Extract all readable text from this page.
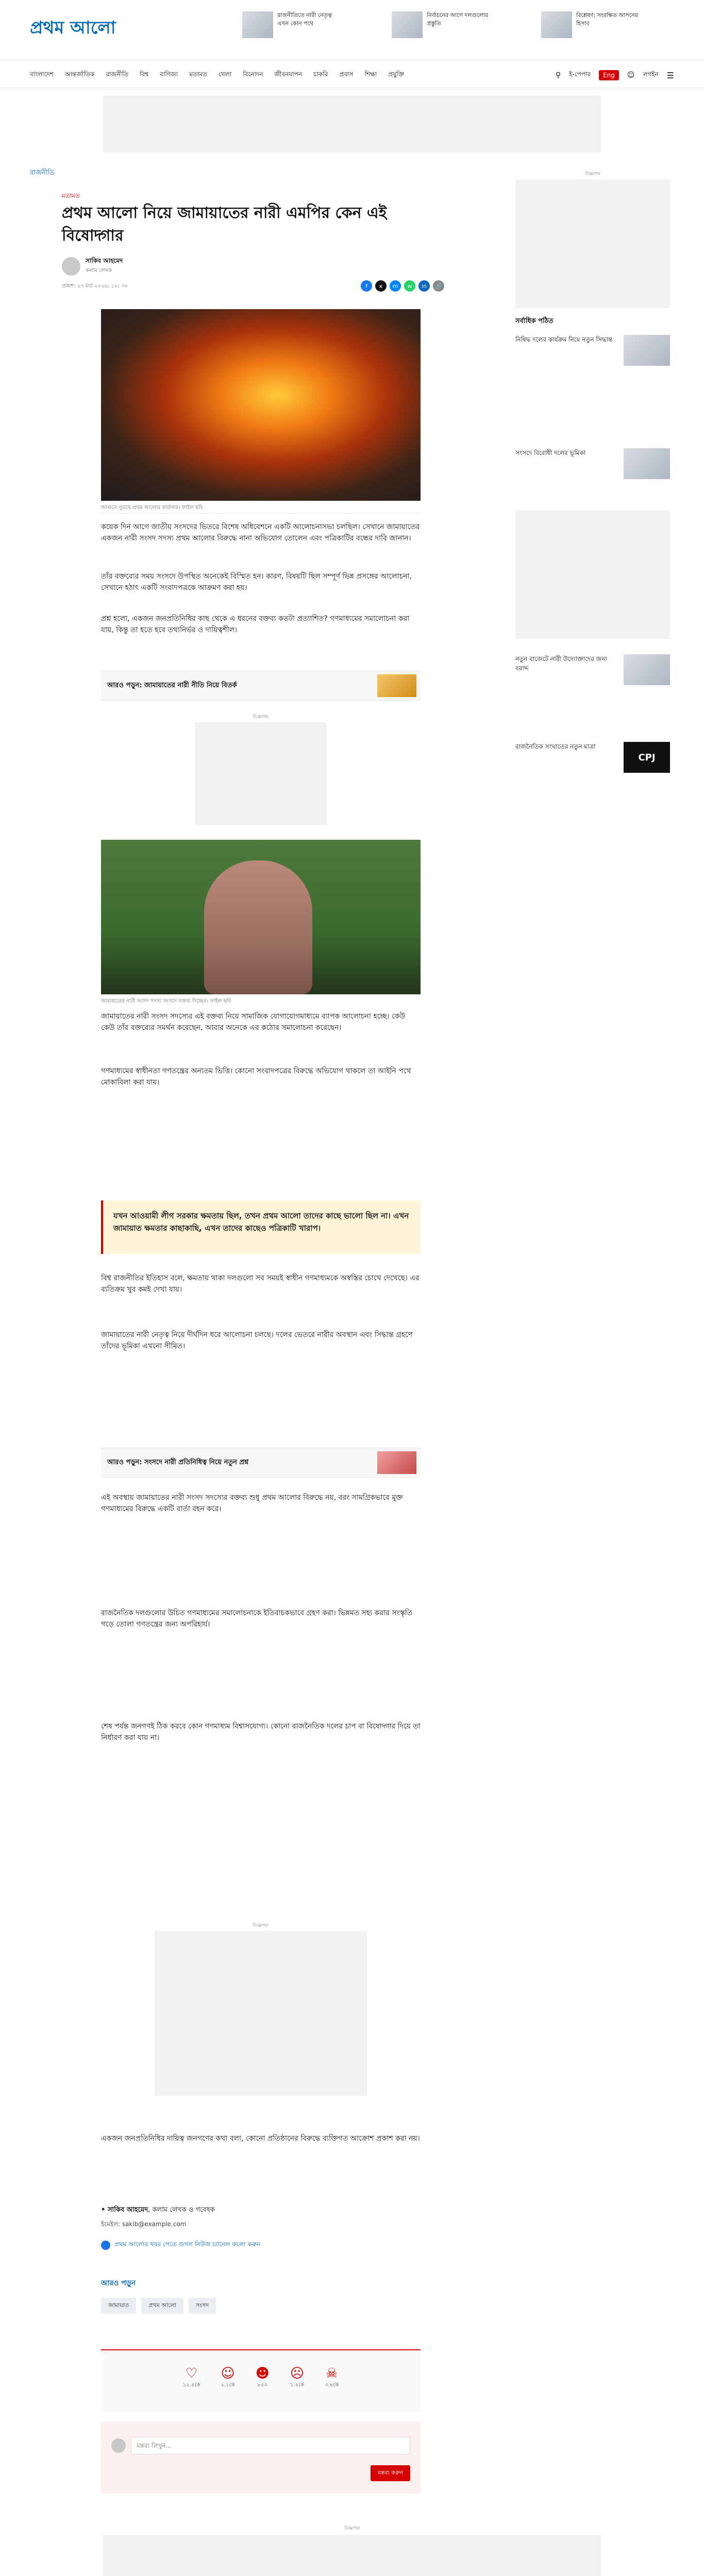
প্রথম আলো
রাজনীতিতে নারী নেতৃত্ব এখন কোন পথে
নির্বাচনের আগে দলগুলোর প্রস্তুতি
বিশ্লেষণ: সংরক্ষিত আসনের হিসাব
বাংলাদেশ আন্তর্জাতিক রাজনীতি বিশ্ব বাণিজ্য মতামত খেলা বিনোদন জীবনযাপন চাকরি প্রবাস শিক্ষা প্রযুক্তি	⚲ ই-পেপার	Eng	☺ লগইন ☰
রাজনীতি
মতামত
প্রথম আলো নিয়ে জামায়াতের নারী এমপির কেন এই বিষোদ্গার
সাকিব আহমেদ
কলাম লেখক
প্রকাশ: ২৩ মার্চ ২০২৬, ১২: ৩০	f	x	m	w	in	🔗
আগুনে পুড়ছে প্রথম আলোর কার্যালয়। ফাইল ছবি
কয়েক দিন আগে জাতীয় সংসদের ভিতরে বিশেষ অধিবেশনে একটি আলোচনাসভা চলছিল। সেখানে জামায়াতের একজন নারী সংসদ সদস্য প্রথম আলোর বিরুদ্ধে নানা অভিযোগ তোলেন এবং পত্রিকাটির বন্ধের দাবি জানান।
তাঁর বক্তব্যের সময় সংসদে উপস্থিত অনেকেই বিস্মিত হন। কারণ, বিষয়টি ছিল সম্পূর্ণ ভিন্ন প্রসঙ্গের আলোচনা, সেখানে হঠাৎ একটি সংবাদপত্রকে আক্রমণ করা হয়।
প্রশ্ন হলো, একজন জনপ্রতিনিধির কাছ থেকে এ ধরনের বক্তব্য কতটা প্রত্যাশিত? গণমাধ্যমের সমালোচনা করা যায়, কিন্তু তা হতে হবে তথ্যনির্ভর ও দায়িত্বশীল।
আরও পড়ুন: জামায়াতের নারী নীতি নিয়ে বিতর্ক
বিজ্ঞাপন
জামায়াতের নারী সংসদ সদস্য সংসদে বক্তব্য দিচ্ছেন। ফাইল ছবি
জামায়াতের নারী সংসদ সদস্যের এই বক্তব্য নিয়ে সামাজিক যোগাযোগমাধ্যমে ব্যাপক আলোচনা হচ্ছে। কেউ কেউ তাঁর বক্তব্যের সমর্থন করেছেন, আবার অনেকে এর কঠোর সমালোচনা করেছেন।
গণমাধ্যমের স্বাধীনতা গণতন্ত্রের অন্যতম ভিত্তি। কোনো সংবাদপত্রের বিরুদ্ধে অভিযোগ থাকলে তা আইনি পথে মোকাবিলা করা যায়।
যখন আওয়ামী লীগ সরকার ক্ষমতায় ছিল, তখন প্রথম আলো তাদের কাছে ভালো ছিল না। এখন জামায়াত ক্ষমতার কাছাকাছি, এখন তাদের কাছেও পত্রিকাটি খারাপ।
বিশ্ব রাজনীতির ইতিহাস বলে, ক্ষমতায় থাকা দলগুলো সব সময়ই স্বাধীন গণমাধ্যমকে অস্বস্তির চোখে দেখেছে। এর ব্যতিক্রম খুব কমই দেখা যায়।
জামায়াতের নারী নেতৃত্ব নিয়ে দীর্ঘদিন ধরে আলোচনা চলছে। দলের ভেতরে নারীর অবস্থান এবং সিদ্ধান্ত গ্রহণে তাঁদের ভূমিকা এখনো সীমিত।
আরও পড়ুন: সংসদে নারী প্রতিনিধিত্ব নিয়ে নতুন প্রশ্ন
এই অবস্থায় জামায়াতের নারী সংসদ সদস্যের বক্তব্য শুধু প্রথম আলোর বিরুদ্ধে নয়, বরং সামগ্রিকভাবে মুক্ত গণমাধ্যমের বিরুদ্ধে একটি বার্তা বহন করে।
রাজনৈতিক দলগুলোর উচিত গণমাধ্যমের সমালোচনাকে ইতিবাচকভাবে গ্রহণ করা। ভিন্নমত সহ্য করার সংস্কৃতি গড়ে তোলা গণতন্ত্রের জন্য অপরিহার্য।
শেষ পর্যন্ত জনগণই ঠিক করবে কোন গণমাধ্যম বিশ্বাসযোগ্য। কোনো রাজনৈতিক দলের চাপ বা বিষোদ্গার দিয়ে তা নির্ধারণ করা যায় না।
বিজ্ঞাপন
একজন জনপ্রতিনিধির দায়িত্ব জনগণের কথা বলা, কোনো প্রতিষ্ঠানের বিরুদ্ধে ব্যক্তিগত আক্রোশ প্রকাশ করা নয়।
• সাকিব আহমেদ, কলাম লেখক ও গবেষক
ইমেইল: sakib@example.com
প্রথম আলোর খবর পেতে গুগল নিউজ চ্যানেল ফলো করুন
আরও পড়ুন
জামায়াত	প্রথম আলো	সংসদ
♡
১২.৫কে
☺
২.১কে
☻
৮৫০
☹
১.২কে
☠
৩.৪কে
মন্তব্য লিখুন...
মন্তব্য করুন
বিজ্ঞাপন
বিজ্ঞাপন
সর্বাধিক পঠিত
নিষিদ্ধ দলের কার্যক্রম নিয়ে নতুন সিদ্ধান্ত
সংসদে বিরোধী দলের ভূমিকা
নতুন বাজেটে নারী উদ্যোক্তাদের জন্য বরাদ্দ
রাজনৈতিক সংঘাতের নতুন মাত্রা
CPJ
